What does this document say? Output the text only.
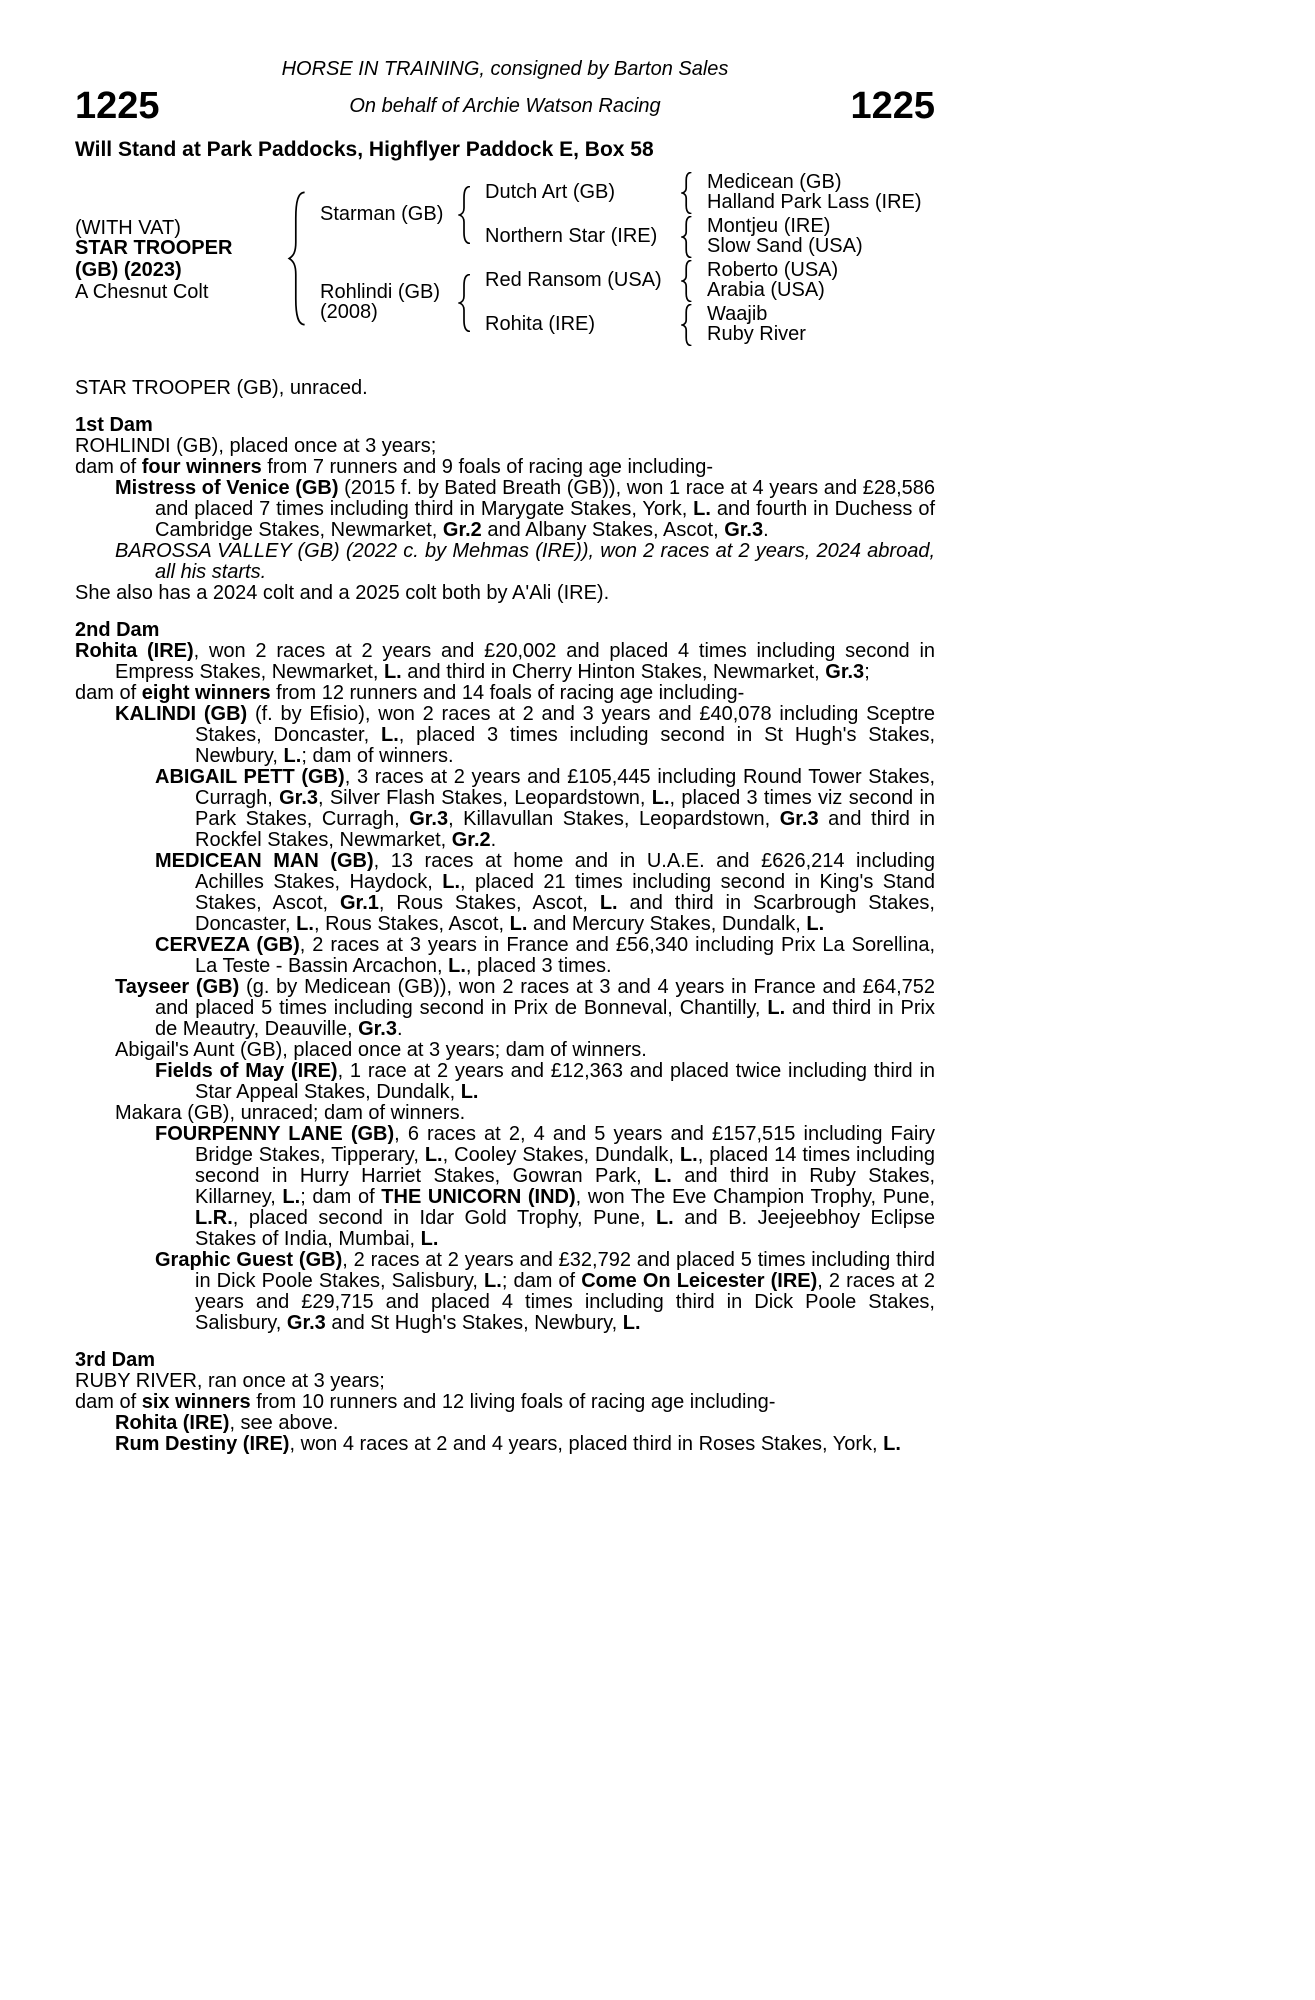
HORSE IN TRAINING, consigned by Barton Sales
1225	On behalf of Archie Watson Racing	1225
Will Stand at Park Paddocks, Highflyer Paddock E, Box 58
(WITH VAT)
STAR TROOPER
(GB) (2023)
A Chesnut Colt
Starman (GB)
Rohlindi (GB)
(2008)
Dutch Art (GB)
Northern Star (IRE)
Red Ransom (USA)
Rohita (IRE)
Medicean (GB)
Halland Park Lass (IRE)
Montjeu (IRE)
Slow Sand (USA)
Roberto (USA)
Arabia (USA)
Waajib
Ruby River

STAR TROOPER (GB), unraced.

1st Dam

ROHLINDI (GB), placed once at 3 years;

dam of four winners from 7 runners and 9 foals of racing age including-

Mistress of Venice (GB) (2015 f. by Bated Breath (GB)), won 1 race at 4 years and £28,586 and placed 7 times including third in Marygate Stakes, York, L. and fourth in Duchess of Cambridge Stakes, Newmarket, Gr.2 and Albany Stakes, Ascot, Gr.3.

BAROSSA VALLEY (GB) (2022 c. by Mehmas (IRE)), won 2 races at 2 years, 2024 abroad, all his starts.

She also has a 2024 colt and a 2025 colt both by A'Ali (IRE).

2nd Dam

Rohita (IRE), won 2 races at 2 years and £20,002 and placed 4 times including second in Empress Stakes, Newmarket, L. and third in Cherry Hinton Stakes, Newmarket, Gr.3;

dam of eight winners from 12 runners and 14 foals of racing age including-

KALINDI (GB) (f. by Efisio), won 2 races at 2 and 3 years and £40,078 including Sceptre Stakes, Doncaster, L., placed 3 times including second in St Hugh's Stakes, Newbury, L.; dam of winners.

ABIGAIL PETT (GB), 3 races at 2 years and £105,445 including Round Tower Stakes, Curragh, Gr.3, Silver Flash Stakes, Leopardstown, L., placed 3 times viz second in Park Stakes, Curragh, Gr.3, Killavullan Stakes, Leopardstown, Gr.3 and third in Rockfel Stakes, Newmarket, Gr.2.

MEDICEAN MAN (GB), 13 races at home and in U.A.E. and £626,214 including Achilles Stakes, Haydock, L., placed 21 times including second in King's Stand Stakes, Ascot, Gr.1, Rous Stakes, Ascot, L. and third in Scarbrough Stakes, Doncaster, L., Rous Stakes, Ascot, L. and Mercury Stakes, Dundalk, L.

CERVEZA (GB), 2 races at 3 years in France and £56,340 including Prix La Sorellina, La Teste - Bassin Arcachon, L., placed 3 times.

Tayseer (GB) (g. by Medicean (GB)), won 2 races at 3 and 4 years in France and £64,752 and placed 5 times including second in Prix de Bonneval, Chantilly, L. and third in Prix de Meautry, Deauville, Gr.3.

Abigail's Aunt (GB), placed once at 3 years; dam of winners.

Fields of May (IRE), 1 race at 2 years and £12,363 and placed twice including third in Star Appeal Stakes, Dundalk, L.

Makara (GB), unraced; dam of winners.

FOURPENNY LANE (GB), 6 races at 2, 4 and 5 years and £157,515 including Fairy Bridge Stakes, Tipperary, L., Cooley Stakes, Dundalk, L., placed 14 times including second in Hurry Harriet Stakes, Gowran Park, L. and third in Ruby Stakes, Killarney, L.; dam of THE UNICORN (IND), won The Eve Champion Trophy, Pune, L.R., placed second in Idar Gold Trophy, Pune, L. and B. Jeejeebhoy Eclipse Stakes of India, Mumbai, L.

Graphic Guest (GB), 2 races at 2 years and £32,792 and placed 5 times including third in Dick Poole Stakes, Salisbury, L.; dam of Come On Leicester (IRE), 2 races at 2 years and £29,715 and placed 4 times including third in Dick Poole Stakes, Salisbury, Gr.3 and St Hugh's Stakes, Newbury, L.

3rd Dam

RUBY RIVER, ran once at 3 years;

dam of six winners from 10 runners and 12 living foals of racing age including-

Rohita (IRE), see above.

Rum Destiny (IRE), won 4 races at 2 and 4 years, placed third in Roses Stakes, York, L.
